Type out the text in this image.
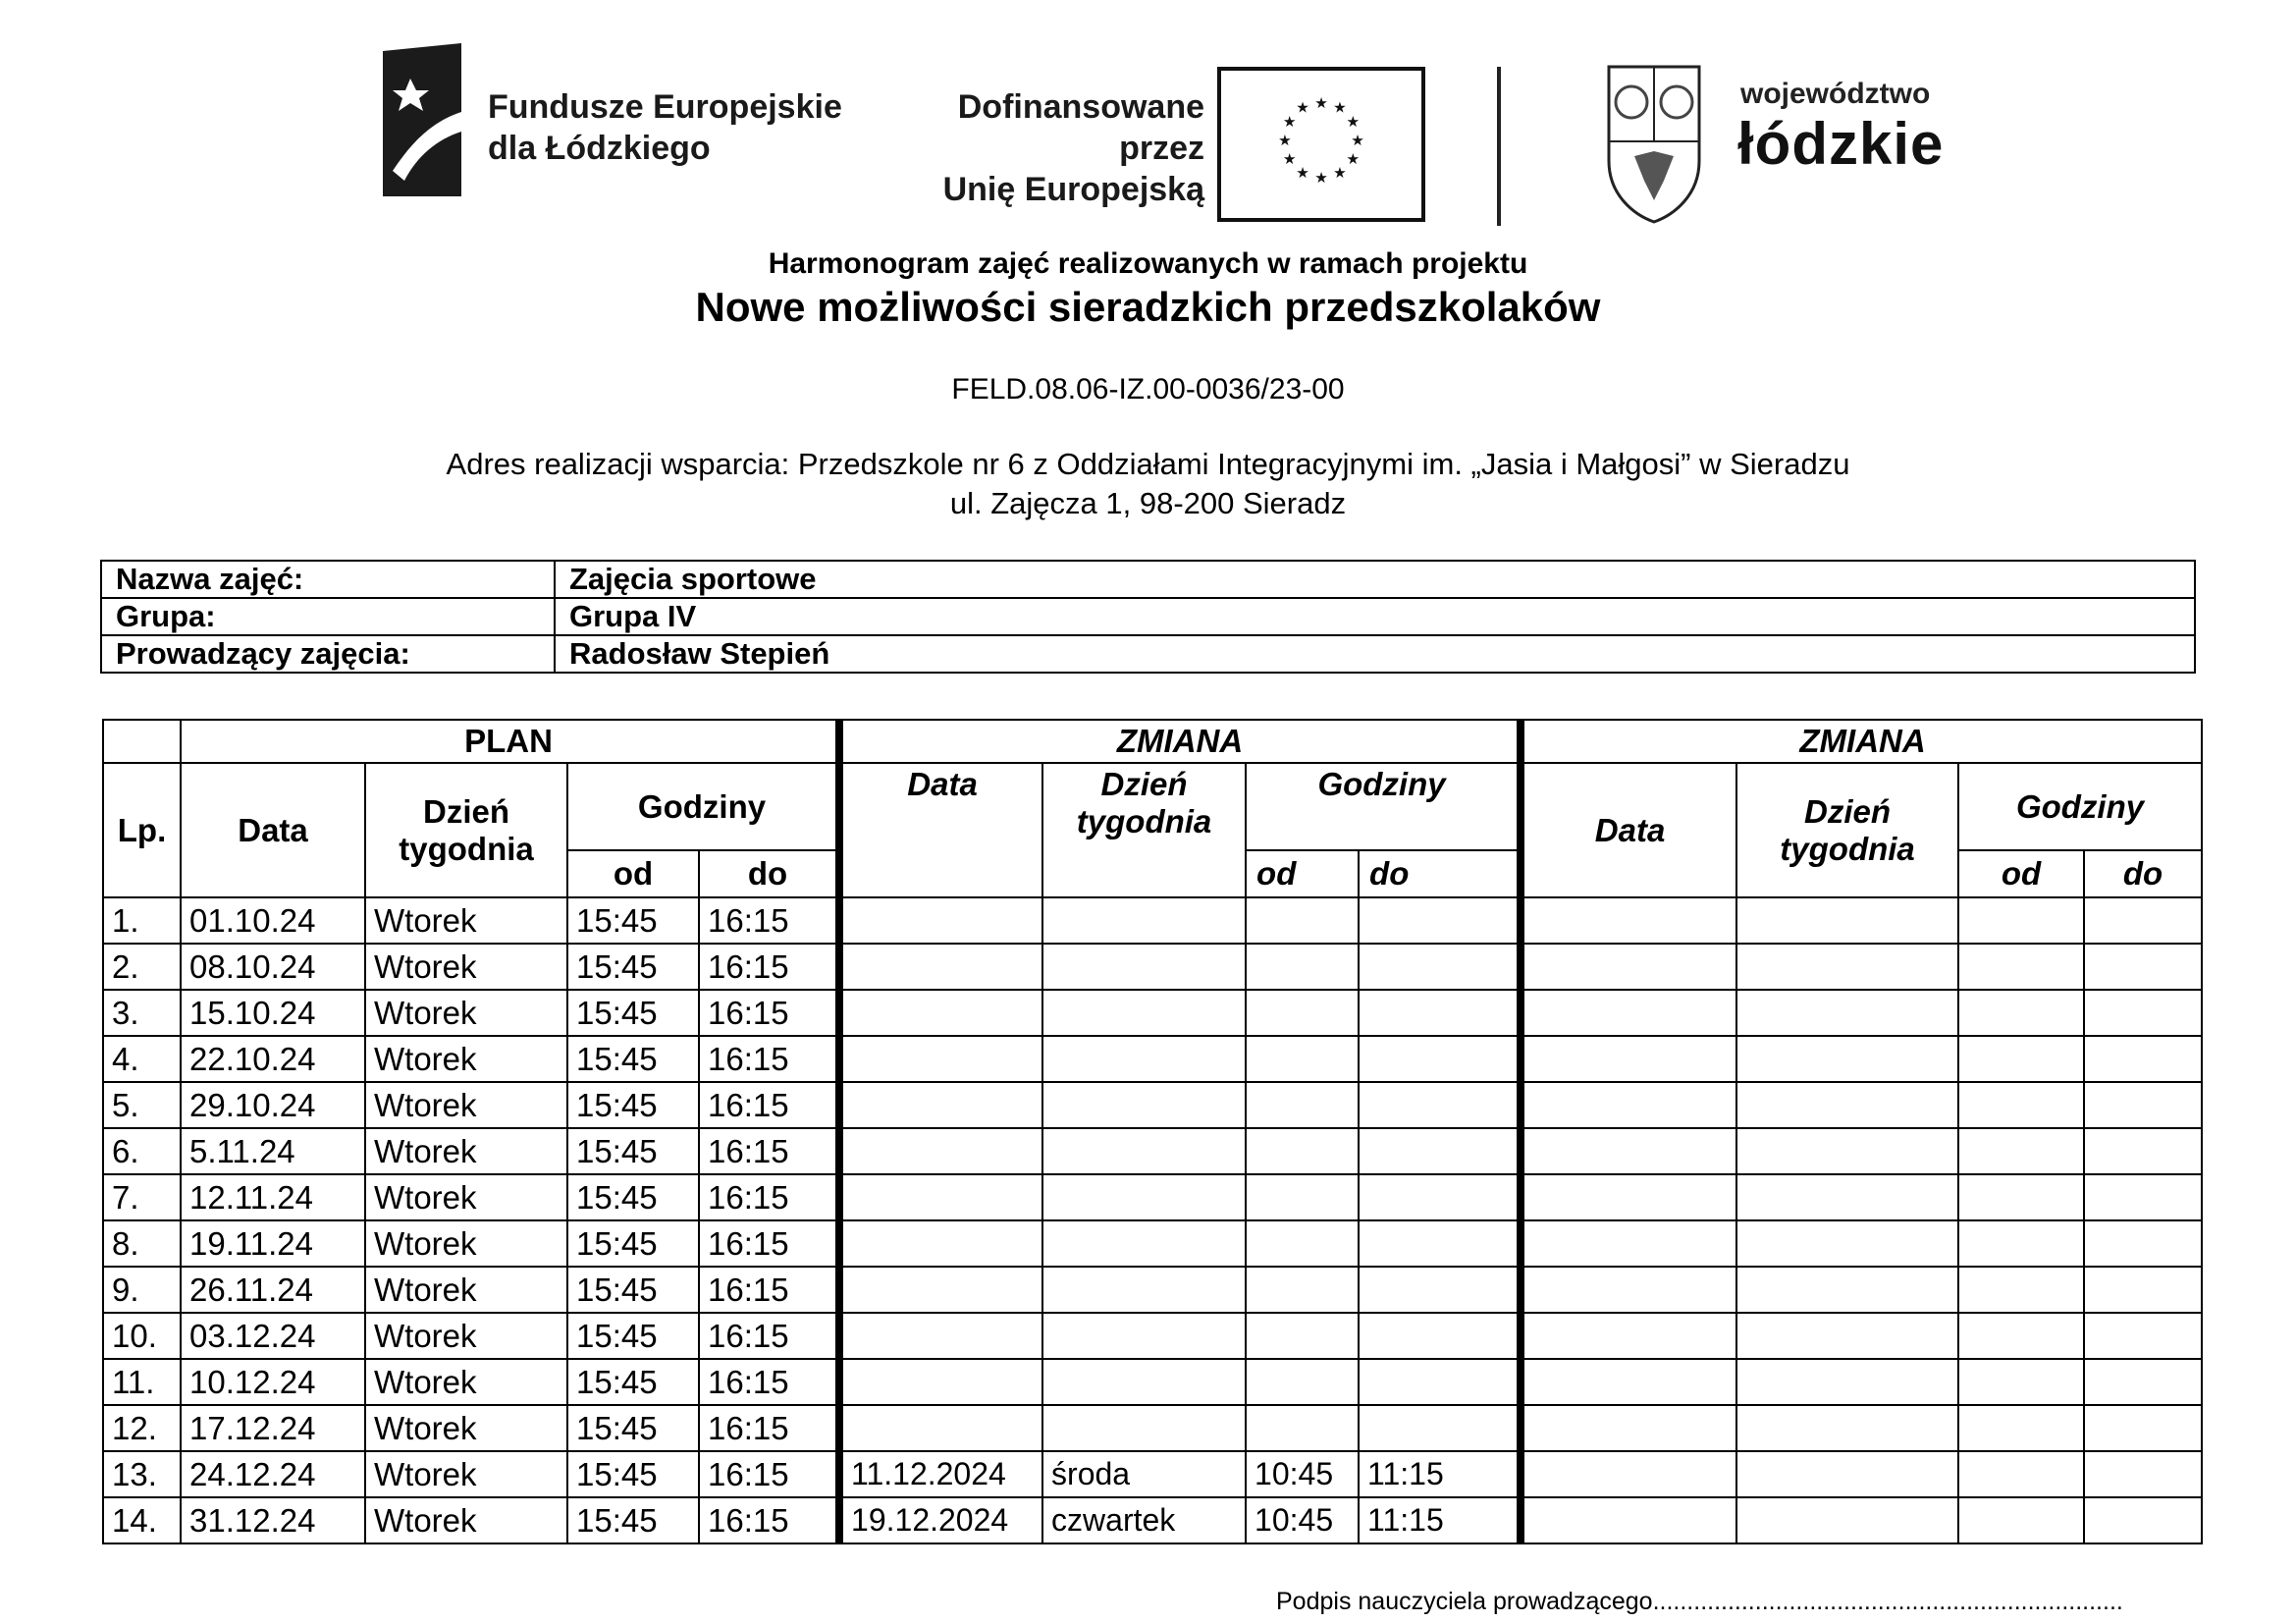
Fundusze Europejskie
dla Łódzkiego
Dofinansowane przez
Unię Europejską
★ ★
★
★
★
★
★
★
★
★
★
★	województwo
łódzkie
Harmonogram zajęć realizowanych w ramach projektu
Nowe możliwości sieradzkich przedszkolaków
FELD.08.06-IZ.00-0036/23-00
Adres realizacji wsparcia: Przedszkole nr 6 z Oddziałami Integracyjnymi im. „Jasia i Małgosi” w Sieradzu
ul. Zajęcza 1, 98-200 Sieradz
Nazwa zajęć:	Zajęcia sportowe
Grupa:	Grupa IV
Prowadzący zajęcia:	Radosław Stepień
	PLAN				ZMIANA				ZMIANA			
Lp.	Data	Dzień tygodnia	Godziny		Data	Dzień tygodnia	Godziny		Data	Dzień tygodnia	Godziny	
			od	do			od	do			od	do
1.	01.10.24	Wtorek	15:45	16:15								
2.	08.10.24	Wtorek	15:45	16:15								
3.	15.10.24	Wtorek	15:45	16:15								
4.	22.10.24	Wtorek	15:45	16:15								
5.	29.10.24	Wtorek	15:45	16:15								
6.	5.11.24	Wtorek	15:45	16:15								
7.	12.11.24	Wtorek	15:45	16:15								
8.	19.11.24	Wtorek	15:45	16:15								
9.	26.11.24	Wtorek	15:45	16:15								
10.	03.12.24	Wtorek	15:45	16:15								
11.	10.12.24	Wtorek	15:45	16:15								
12.	17.12.24	Wtorek	15:45	16:15								
13.	24.12.24	Wtorek	15:45	16:15	11.12.2024	środa	10:45	11:15				
14.	31.12.24	Wtorek	15:45	16:15	19.12.2024	czwartek	10:45	11:15				
Podpis nauczyciela prowadzącego.....................................................................
